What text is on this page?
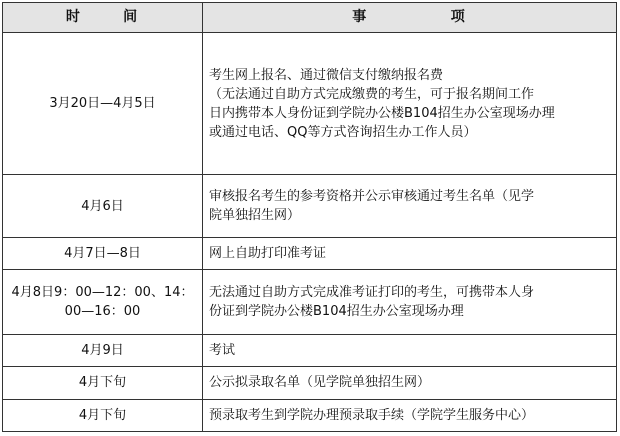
时 间	事 项

3月20日—4月5日	考生网上报名、通过微信支付缴纳报名费
（无法通过自助方式完成缴费的考生，可于报名期间工作
日内携带本人身份证到学院办公楼B104招生办公室现场办理
或通过电话、QQ等方式咨询招生办工作人员）

4月6日	审核报名考生的参考资格并公示审核通过考生名单（见学
院单独招生网）

4月7日—8日	网上自助打印准考证

4月8日9：00—12：00、14：
00—16：00	无法通过自助方式完成准考证打印的考生，可携带本人身
份证到学院办公楼B104招生办公室现场办理

4月9日	考试

4月下旬	公示拟录取名单（见学院单独招生网）

4月下旬	预录取考生到学院办理预录取手续（学院学生服务中心）
